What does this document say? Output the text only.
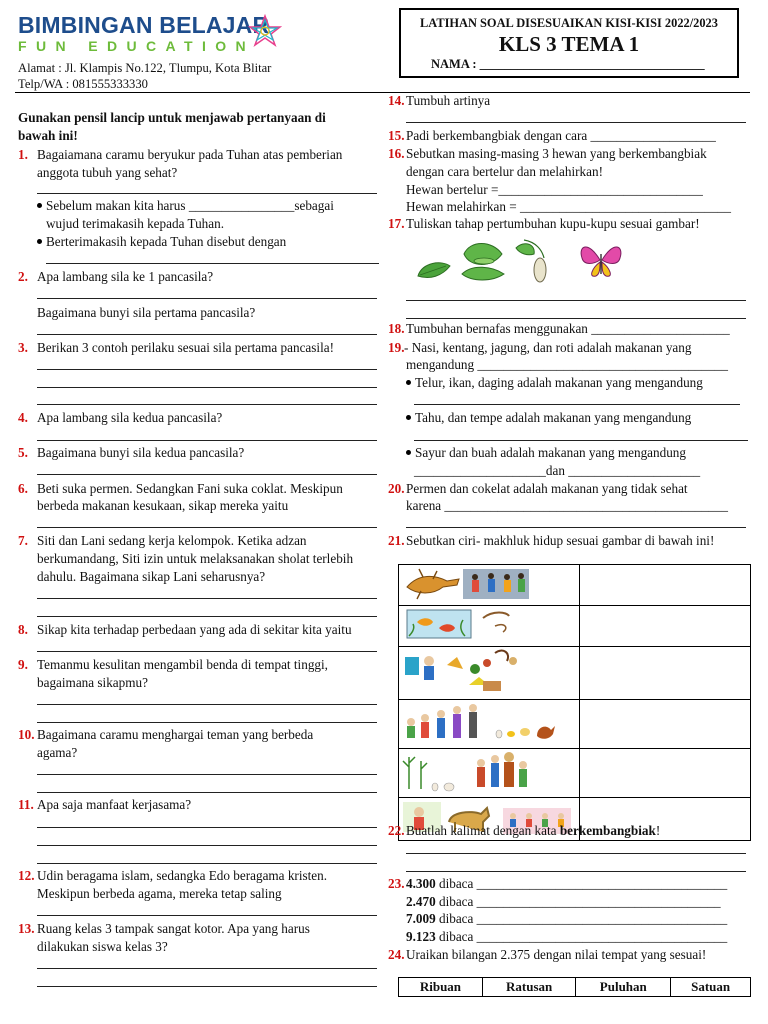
BIMBINGAN BELAJAR
FUN EDUCATION
Alamat : Jl. Klampis No.122, Tlumpu, Kota Blitar
Telp/WA : 081555333330
LATIHAN SOAL DISESUAIKAN KISI-KISI 2022/2023
KLS 3 TEMA 1
NAMA : ____________________________________
Gunakan pensil lancip untuk menjawab pertanyaan di
bawah ini!
1. Bagaiamana caramu beryukur pada Tuhan atas pemberian
anggota tubuh yang sehat?
Sebelum makan kita harus ________________sebagai
wujud terimakasih kepada Tuhan.
Berterimakasih kepada Tuhan disebut dengan
2. Apa lambang sila ke 1 pancasila?
Bagaimana bunyi sila pertama pancasila?
3. Berikan 3 contoh perilaku sesuai sila pertama pancasila!
4. Apa lambang sila kedua pancasila?
5. Bagaimana bunyi sila kedua pancasila?
6. Beti suka permen. Sedangkan Fani suka coklat. Meskipun
berbeda makanan kesukaan, sikap mereka yaitu
7. Siti dan Lani sedang kerja kelompok. Ketika adzan
berkumandang, Siti izin untuk melaksanakan sholat terlebih
dahulu. Bagaimana sikap Lani seharusnya?
8. Sikap kita terhadap perbedaan yang ada di sekitar kita yaitu
9. Temanmu kesulitan mengambil benda di tempat tinggi,
bagaimana sikapmu?
10. Bagaimana caramu menghargai teman yang berbeda
agama?
11. Apa saja manfaat kerjasama?
12. Udin beragama islam, sedangka Edo beragama kristen.
Meskipun berbeda agama, mereka tetap saling
13. Ruang kelas 3 tampak sangat kotor. Apa yang harus
dilakukan siswa kelas 3?
14. Tumbuh artinya
15. Padi berkembangbiak dengan cara ___________________
16. Sebutkan masing-masing 3 hewan yang berkembangbiak
dengan cara bertelur dan melahirkan!
Hewan bertelur =_______________________________
Hewan melahirkan = ________________________________
17. Tuliskan tahap pertumbuhan kupu-kupu sesuai gambar!
18. Tumbuhan bernafas menggunakan _____________________
19. - Nasi, kentang, jagung, dan roti adalah makanan yang
mengandung ______________________________________
Telur, ikan, daging adalah makanan yang mengandung
Tahu, dan tempe adalah makanan yang mengandung
Sayur dan buah adalah makanan yang mengandung
____________________dan ____________________
20. Permen dan cokelat adalah makanan yang tidak sehat
karena ___________________________________________
21. Sebutkan ciri- makhluk hidup sesuai gambar di bawah ini!

22. Buatlah kalimat dengan kata berkembangbiak!
23. 4.300 dibaca ______________________________________
2.470 dibaca _____________________________________
7.009 dibaca ______________________________________
9.123 dibaca ______________________________________
24. Uraikan bilangan 2.375 dengan nilai tempat yang sesuai!
Ribuan	Ratusan	Puluhan	Satuan
